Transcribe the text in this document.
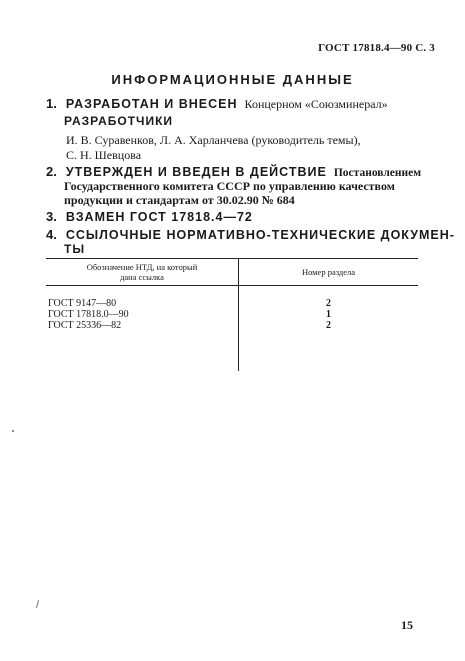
ГОСТ 17818.4—90 С. 3
ИНФОРМАЦИОННЫЕ ДАННЫЕ
1. РАЗРАБОТАН И ВНЕСЕН Концерном «Союзминерал»
РАЗРАБОТЧИКИ
И. В. Суравенков, Л. А. Харланчева (руководитель темы),
С. Н. Шевцова
2. УТВЕРЖДЕН И ВВЕДЕН В ДЕЙСТВИЕ Постановлением
Государственного комитета СССР по управлению качеством
продукции и стандартам от 30.02.90 № 684
3. ВЗАМЕН ГОСТ 17818.4—72
4. ССЫЛОЧНЫЕ НОРМАТИВНО-ТЕХНИЧЕСКИЕ ДОКУМЕН-
ТЫ
Обозначение НТД, на который
дана ссылка	Номер раздела
ГОСТ 9147—80	2
ГОСТ 17818.0—90	1
ГОСТ 25336—82	2
15
